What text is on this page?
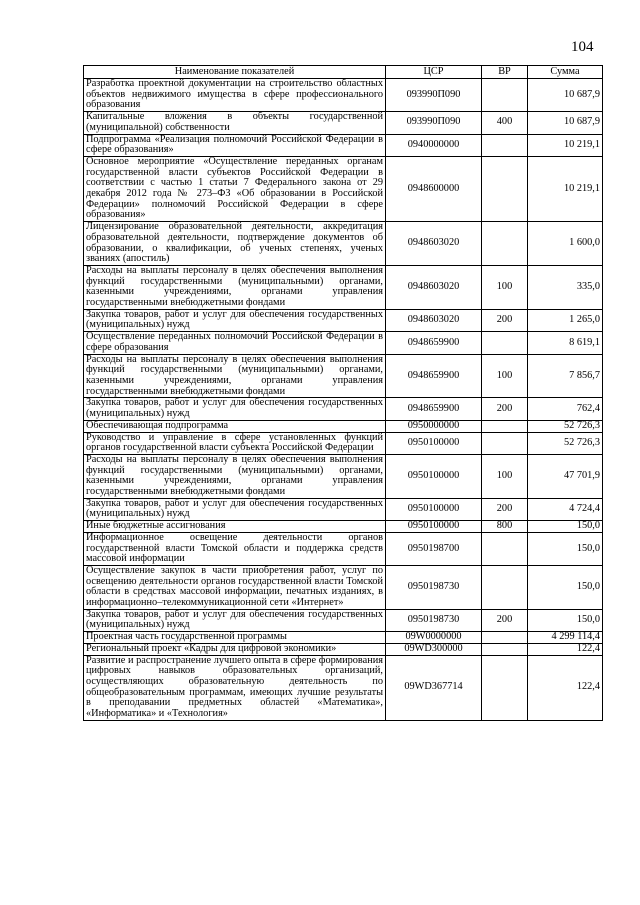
104
Наименование показателей	ЦСР	ВР	Сумма
Разработка проектной документации на строительство областных объектов недвижимого имущества в сфере профессионального образования	093990П090		10 687,9
Капитальные вложения в объекты государственной (муниципальной) собственности	093990П090	400	10 687,9
Подпрограмма «Реализация полномочий Российской Федерации в сфере образования»	0940000000		10 219,1
Основное мероприятие «Осуществление переданных органам государственной власти субъектов Российской Федерации в соответствии с частью 1 статьи 7 Федерального закона от 29 декабря 2012 года № 273–ФЗ «Об образовании в Российской Федерации» полномочий Российской Федерации в сфере образования»	0948600000		10 219,1
Лицензирование образовательной деятельности, аккредитация образовательной деятельности, подтверждение документов об образовании, о квалификации, об ученых степенях, ученых званиях (апостиль)	0948603020		1 600,0
Расходы на выплаты персоналу в целях обеспечения выполнения функций государственными (муниципальными) органами, казенными учреждениями, органами управления государственными внебюджетными фондами	0948603020	100	335,0
Закупка товаров, работ и услуг для обеспечения государственных (муниципальных) нужд	0948603020	200	1 265,0
Осуществление переданных полномочий Российской Федерации в сфере образования	0948659900		8 619,1
Расходы на выплаты персоналу в целях обеспечения выполнения функций государственными (муниципальными) органами, казенными учреждениями, органами управления государственными внебюджетными фондами	0948659900	100	7 856,7
Закупка товаров, работ и услуг для обеспечения государственных (муниципальных) нужд	0948659900	200	762,4
Обеспечивающая подпрограмма	0950000000		52 726,3
Руководство и управление в сфере установленных функций органов государственной власти субъекта Российской Федерации	0950100000		52 726,3
Расходы на выплаты персоналу в целях обеспечения выполнения функций государственными (муниципальными) органами, казенными учреждениями, органами управления государственными внебюджетными фондами	0950100000	100	47 701,9
Закупка товаров, работ и услуг для обеспечения государственных (муниципальных) нужд	0950100000	200	4 724,4
Иные бюджетные ассигнования	0950100000	800	150,0
Информационное освещение деятельности органов государственной власти Томской области и поддержка средств массовой информации	0950198700		150,0
Осуществление закупок в части приобретения работ, услуг по освещению деятельности органов государственной власти Томской области в средствах массовой информации, печатных изданиях, в информационно–телекоммуникационной сети «Интернет»	0950198730		150,0
Закупка товаров, работ и услуг для обеспечения государственных (муниципальных) нужд	0950198730	200	150,0
Проектная часть государственной программы	09W0000000		4 299 114,4
Региональный проект «Кадры для цифровой экономики»	09WD300000		122,4
Развитие и распространение лучшего опыта в сфере формирования цифровых навыков образовательных организаций, осуществляющих образовательную деятельность по общеобразовательным программам, имеющих лучшие результаты в преподавании предметных областей «Математика», «Информатика» и «Технология»	09WD367714		122,4
